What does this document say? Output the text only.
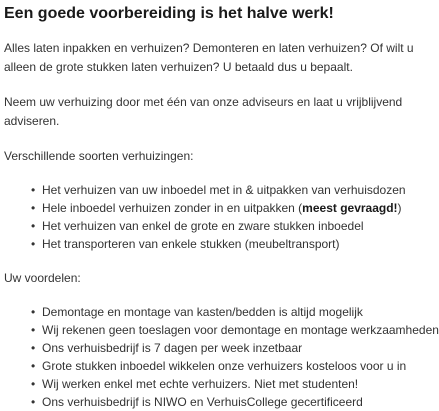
Een goede voorbereiding is het halve werk!

Alles laten inpakken en verhuizen? Demonteren en laten verhuizen? Of wilt u
alleen de grote stukken laten verhuizen? U betaald dus u bepaalt.

Neem uw verhuizing door met één van onze adviseurs en laat u vrijblijvend
adviseren.

Verschillende soorten verhuizingen:

• Het verhuizen van uw inboedel met in & uitpakken van verhuisdozen
• Hele inboedel verhuizen zonder in en uitpakken (meest gevraagd!)
• Het verhuizen van enkel de grote en zware stukken inboedel
• Het transporteren van enkele stukken (meubeltransport)

Uw voordelen:

• Demontage en montage van kasten/bedden is altijd mogelijk
• Wij rekenen geen toeslagen voor demontage en montage werkzaamheden
• Ons verhuisbedrijf is 7 dagen per week inzetbaar
• Grote stukken inboedel wikkelen onze verhuizers kosteloos voor u in
• Wij werken enkel met echte verhuizers. Niet met studenten!
• Ons verhuisbedrijf is NIWO en VerhuisCollege gecertificeerd
